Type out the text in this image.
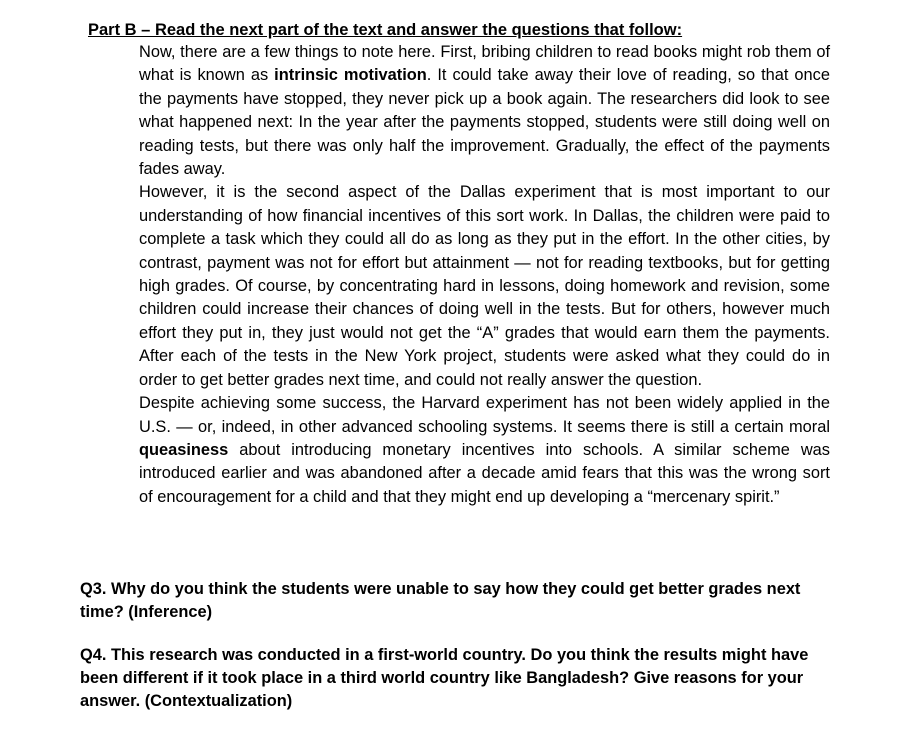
Part B – Read the next part of the text and answer the questions that follow:

Now, there are a few things to note here. First, bribing children to read books might rob them of what is known as intrinsic motivation. It could take away their love of reading, so that once the payments have stopped, they never pick up a book again. The researchers did look to see what happened next: In the year after the payments stopped, students were still doing well on reading tests, but there was only half the improvement. Gradually, the effect of the payments fades away.

However, it is the second aspect of the Dallas experiment that is most important to our understanding of how financial incentives of this sort work. In Dallas, the children were paid to complete a task which they could all do as long as they put in the effort. In the other cities, by contrast, payment was not for effort but attainment — not for reading textbooks, but for getting high grades. Of course, by concentrating hard in lessons, doing homework and revision, some children could increase their chances of doing well in the tests. But for others, however much effort they put in, they just would not get the “A” grades that would earn them the payments. After each of the tests in the New York project, students were asked what they could do in order to get better grades next time, and could not really answer the question.

Despite achieving some success, the Harvard experiment has not been widely applied in the U.S. — or, indeed, in other advanced schooling systems. It seems there is still a certain moral queasiness about introducing monetary incentives into schools. A similar scheme was introduced earlier and was abandoned after a decade amid fears that this was the wrong sort of encouragement for a child and that they might end up developing a “mercenary spirit.”

Q3. Why do you think the students were unable to say how they could get better grades next time? (Inference)
Q4. This research was conducted in a first-world country. Do you think the results might have been different if it took place in a third world country like Bangladesh? Give reasons for your answer. (Contextualization)
